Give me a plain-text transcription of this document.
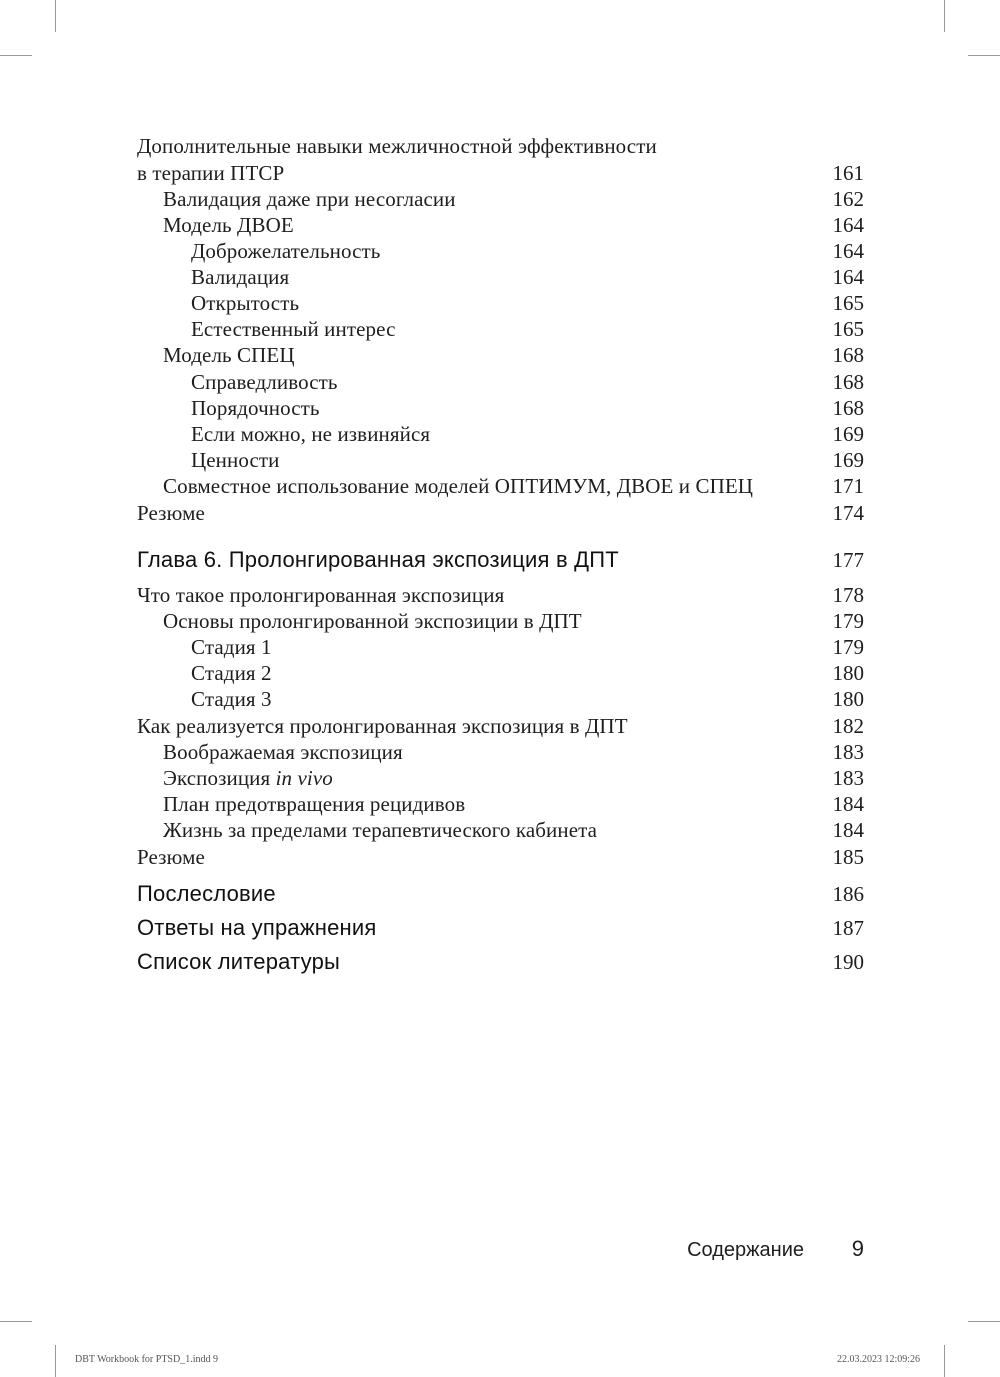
Дополнительные навыки межличностной эффективности
в терапии ПТСР	161
Валидация даже при несогласии	162
Модель ДВОЕ	164
Доброжелательность	164
Валидация	164
Открытость	165
Естественный интерес	165
Модель СПЕЦ	168
Справедливость	168
Порядочность	168
Если можно, не извиняйся	169
Ценности	169
Совместное использование моделей ОПТИМУМ, ДВОЕ и СПЕЦ	171
Резюме	174
Глава 6. Пролонгированная экспозиция в ДПТ	177
Что такое пролонгированная экспозиция	178
Основы пролонгированной экспозиции в ДПТ	179
Стадия 1	179
Стадия 2	180
Стадия 3	180
Как реализуется пролонгированная экспозиция в ДПТ	182
Воображаемая экспозиция	183
Экспозиция in vivo	183
План предотвращения рецидивов	184
Жизнь за пределами терапевтического кабинета	184
Резюме	185
Послесловие	186
Ответы на упражнения	187
Список литературы	190
Содержание 9
DBT Workbook for PTSD_1.indd 9	22.03.2023 12:09:26
